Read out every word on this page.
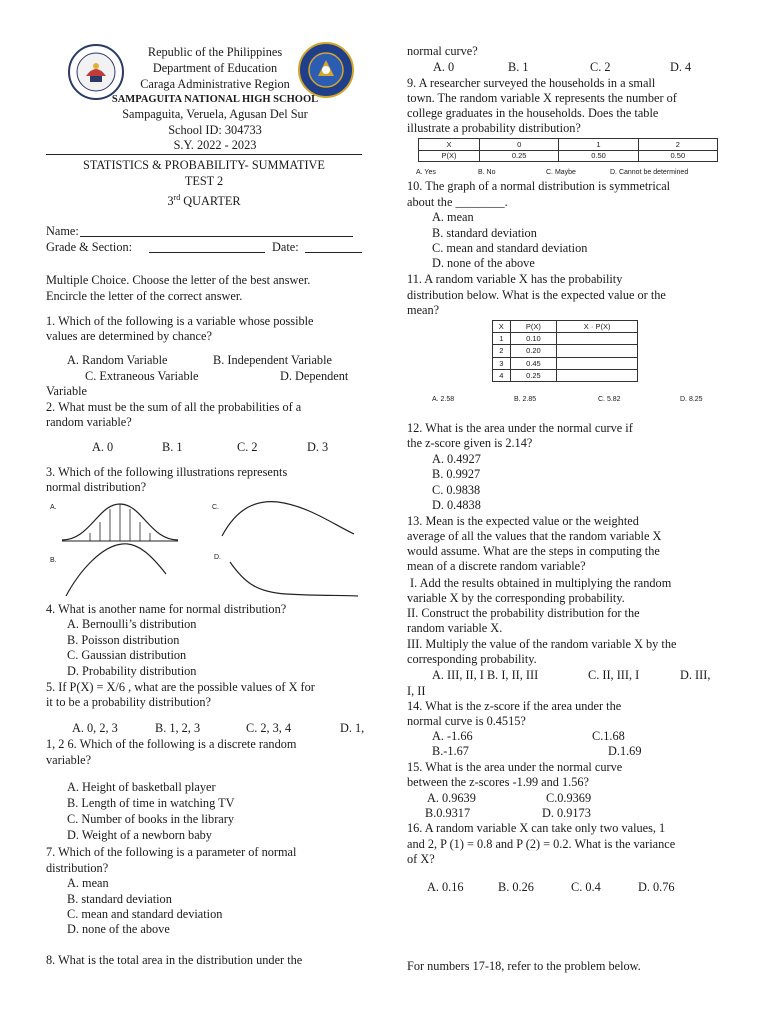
Republic of the Philippines
Department of Education
Caraga Administrative Region
SAMPAGUITA NATIONAL HIGH SCHOOL
Sampaguita, Veruela, Agusan Del Sur
School ID: 304733
S.Y. 2022 - 2023
STATISTICS & PROBABILITY- SUMMATIVE
TEST 2
3rd QUARTER
Name:
Grade & Section:	Date:
Multiple Choice. Choose the letter of the best answer.
Encircle the letter of the correct answer.
1. Which of the following is a variable whose possible
values are determined by chance?
A. Random Variable	B. Independent Variable
C. Extraneous Variable	D. Dependent
Variable
2. What must be the sum of all the probabilities of a
random variable?
A. 0	B. 1	C. 2	D. 3
3. Which of the following illustrations represents
normal distribution?
A.	C.
B.	D.
4. What is another name for normal distribution?
A. Bernoulli’s distribution
B. Poisson distribution
C. Gaussian distribution
D. Probability distribution
5. If P(X) = X/6 , what are the possible values of X for
it to be a probability distribution?
A. 0, 2, 3	B. 1, 2, 3	C. 2, 3, 4	D. 1,
1, 2 6. Which of the following is a discrete random
variable?
A. Height of basketball player
B. Length of time in watching TV
C. Number of books in the library
D. Weight of a newborn baby
7. Which of the following is a parameter of normal
distribution?
A. mean
B. standard deviation
C. mean and standard deviation
D. none of the above
8. What is the total area in the distribution under the
normal curve?
A. 0	B. 1	C. 2	D. 4
9. A researcher surveyed the households in a small
town. The random variable X represents the number of
college graduates in the households. Does the table
illustrate a probability distribution?
X	0	1	2
P(X)	0.25	0.50	0.50
A. Yes	B. No	C. Maybe	D. Cannot be determined
10. The graph of a normal distribution is symmetrical
about the ________.
A. mean
B. standard deviation
C. mean and standard deviation
D. none of the above
11. A random variable X has the probability
distribution below. What is the expected value or the
mean?
X	P(X)	X · P(X)
1	0.10	
2	0.20	
3	0.45	
4	0.25	
A. 2.58	B. 2.85	C. 5.82	D. 8.25
12. What is the area under the normal curve if
the z-score given is 2.14?
A. 0.4927
B. 0.9927
C. 0.9838
D. 0.4838
13. Mean is the expected value or the weighted
average of all the values that the random variable X
would assume. What are the steps in computing the
mean of a discrete random variable?
I. Add the results obtained in multiplying the random
variable X by the corresponding probability.
II. Construct the probability distribution for the
random variable X.
III. Multiply the value of the random variable X by the
corresponding probability.
A. III, II, I B. I, II, III	C. II, III, I	D. III,
I, II
14. What is the z-score if the area under the
normal curve is 0.4515?
A. -1.66	C.1.68
B.-1.67	D.1.69
15. What is the area under the normal curve
between the z-scores -1.99 and 1.56?
A. 0.9639	C.0.9369
B.0.9317	D. 0.9173
16. A random variable X can take only two values, 1
and 2, P (1) = 0.8 and P (2) = 0.2. What is the variance
of X?
A. 0.16	B. 0.26	C. 0.4	D. 0.76
For numbers 17-18, refer to the problem below.
